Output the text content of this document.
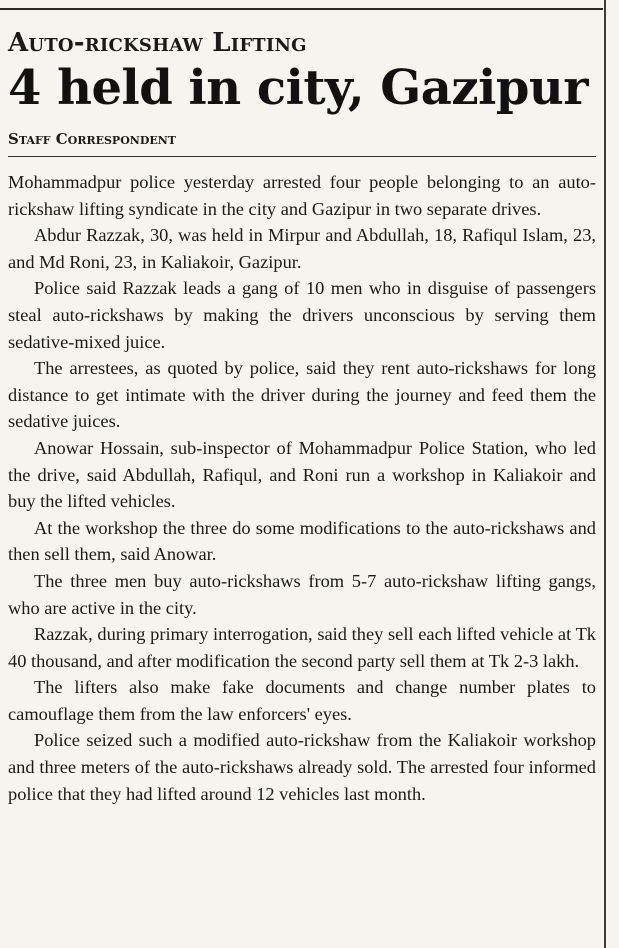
Auto-rickshaw Lifting
4 held in city, Gazipur
Staff Correspondent

Mohammadpur police yesterday arrested four people belonging to an auto-rickshaw lifting syndicate in the city and Gazipur in two separate drives.

Abdur Razzak, 30, was held in Mirpur and Abdullah, 18, Rafiqul Islam, 23, and Md Roni, 23, in Kaliakoir, Gazipur.

Police said Razzak leads a gang of 10 men who in disguise of passengers steal auto-rickshaws by making the drivers unconscious by serving them sedative-mixed juice.

The arrestees, as quoted by police, said they rent auto-rickshaws for long distance to get intimate with the driver during the journey and feed them the sedative juices.

Anowar Hossain, sub-inspector of Mohammadpur Police Station, who led the drive, said Abdullah, Rafiqul, and Roni run a workshop in Kaliakoir and buy the lifted vehicles.

At the workshop the three do some modifications to the auto-rickshaws and then sell them, said Anowar.

The three men buy auto-rickshaws from 5-7 auto-rickshaw lifting gangs, who are active in the city.

Razzak, during primary interrogation, said they sell each lifted vehicle at Tk 40 thousand, and after modification the second party sell them at Tk 2-3 lakh.

The lifters also make fake documents and change number plates to camouflage them from the law enforcers' eyes.

Police seized such a modified auto-rickshaw from the Kaliakoir workshop and three meters of the auto-rickshaws already sold. The arrested four informed police that they had lifted around 12 vehicles last month.
